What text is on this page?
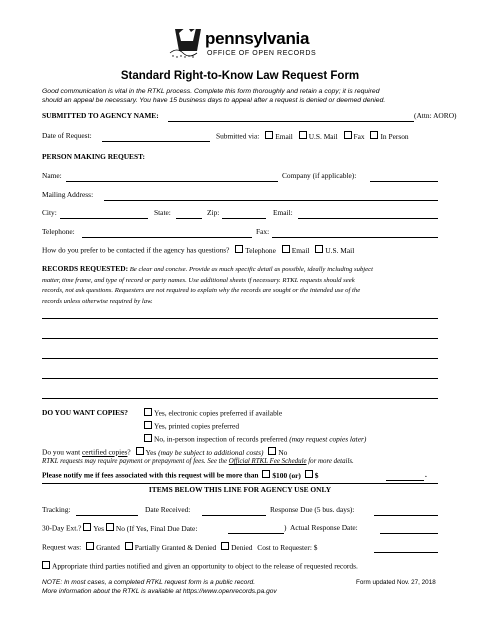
pennsylvania
OFFICE OF OPEN RECORDS
Standard Right-to-Know Law Request Form
Good communication is vital in the RTKL process. Complete this form thoroughly and retain a copy; it is required
should an appeal be necessary. You have 15 business days to appeal after a request is denied or deemed denied.
SUBMITTED TO AGENCY NAME:	(Attn: AORO)
Date of Request:	Submitted via: Email U.S. Mail Fax In Person
PERSON MAKING REQUEST:
Name:	Company (if applicable):
Mailing Address:
City:	State:	Zip:	Email:
Telephone:	Fax:
How do you prefer to be contacted if the agency has questions? Telephone Email U.S. Mail
RECORDS REQUESTED: Be clear and concise. Provide as much specific detail as possible, ideally including subject
matter, time frame, and type of record or party names. Use additional sheets if necessary. RTKL requests should seek
records, not ask questions. Requesters are not required to explain why the records are sought or the intended use of the
records unless otherwise required by law.
DO YOU WANT COPIES?	Yes, electronic copies preferred if available
Yes, printed copies preferred
No, in-person inspection of records preferred (may request copies later)
Do you want certified copies? Yes (may be subject to additional costs) No
RTKL requests may require payment or prepayment of fees. See the Official RTKL Fee Schedule for more details.
Please notify me if fees associated with this request will be more than $100 (or) $	.
ITEMS BELOW THIS LINE FOR AGENCY USE ONLY
Tracking:	Date Received:	Response Due (5 bus. days):
30-Day Ext.? Yes No (If Yes, Final Due Date:	) Actual Response Date:
Request was: Granted Partially Granted & Denied Denied Cost to Requester: $
Appropriate third parties notified and given an opportunity to object to the release of requested records.
NOTE: In most cases, a completed RTKL request form is a public record.
More information about the RTKL is available at https://www.openrecords.pa.gov
Form updated Nov. 27, 2018
